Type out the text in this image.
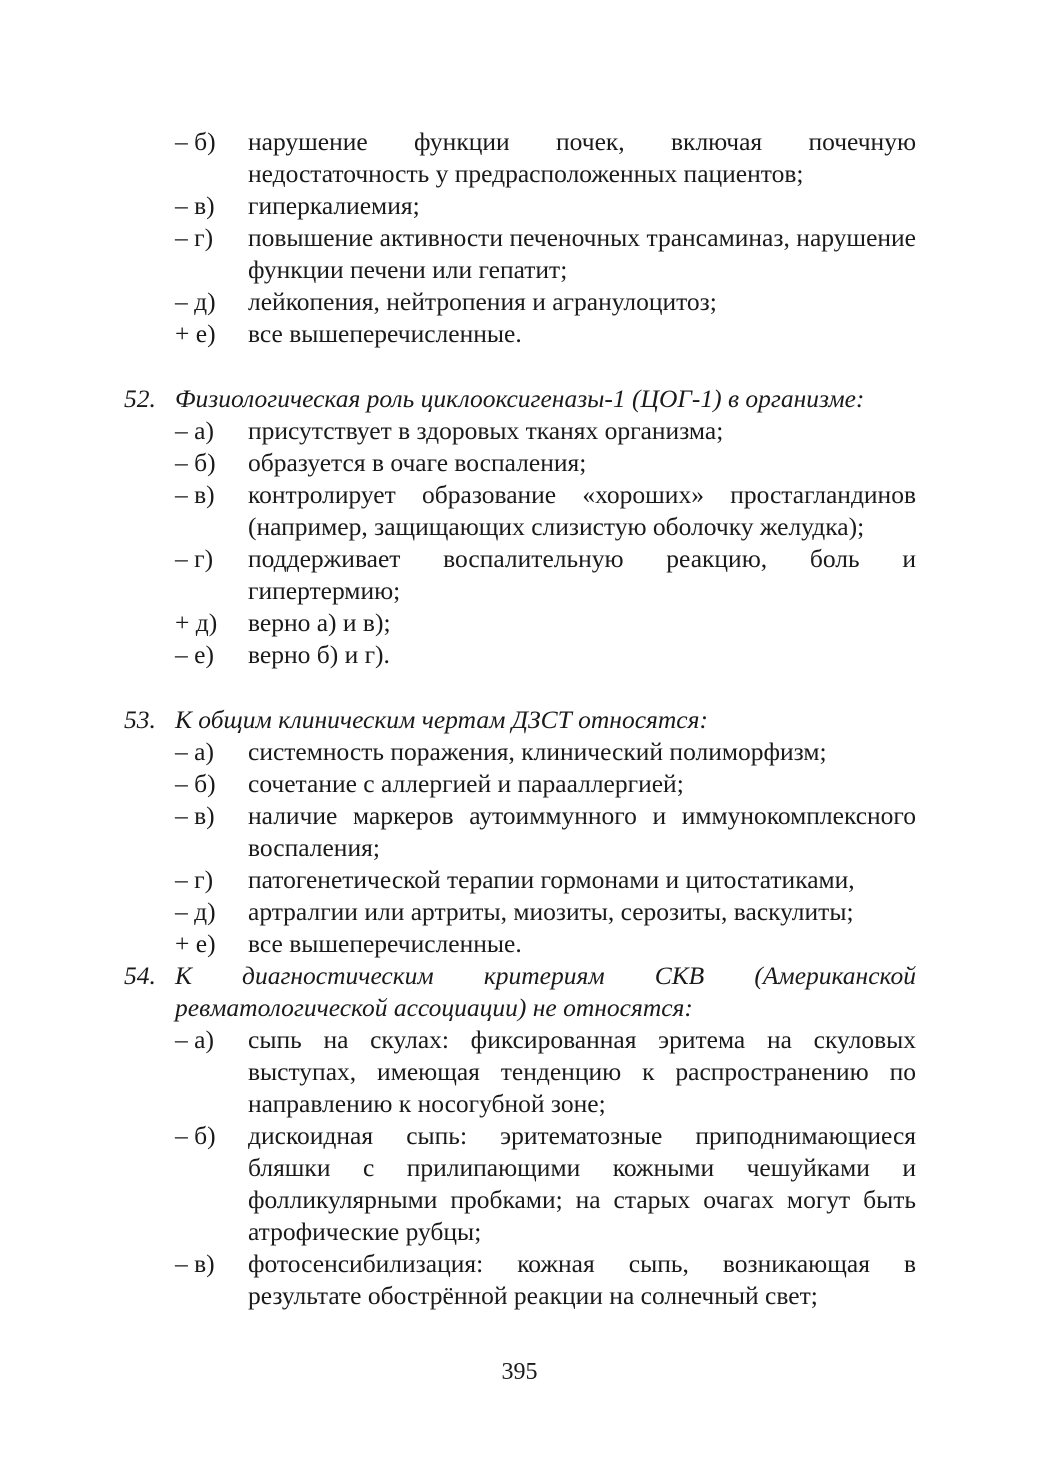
– б)	нарушение функции почек, включая почечную недостаточность у предрасположенных пациентов;
– в)	гиперкалиемия;
– г)	повышение активности печеночных трансаминаз, нарушение функции печени или гепатит;
– д)	лейкопения, нейтропения и агранулоцитоз;
+ е)	все вышеперечисленные.
52. Физиологическая роль циклооксигеназы-1 (ЦОГ-1) в организме:
– а)	присутствует в здоровых тканях организма;
– б)	образуется в очаге воспаления;
– в)	контролирует образование «хороших» простагландинов (например, защищающих слизистую оболочку желудка);
– г)	поддерживает воспалительную реакцию, боль и гипертермию;
+ д)	верно а) и в);
– е)	верно б) и г).
53. К общим клиническим чертам ДЗСТ относятся:
– а)	системность поражения, клинический полиморфизм;
– б)	сочетание с аллергией и парааллергией;
– в)	наличие маркеров аутоиммунного и иммунокомплексного воспаления;
– г)	патогенетической терапии гормонами и цитостатиками,
– д)	артралгии или артриты, миозиты, серозиты, васкулиты;
+ е)	все вышеперечисленные.
54. К диагностическим критериям СКВ (Американской ревматологической ассоциации) не относятся:
– а)	сыпь на скулах: фиксированная эритема на скуловых выступах, имеющая тенденцию к распространению по направлению к носогубной зоне;
– б)	дискоидная сыпь: эритематозные приподнимающиеся бляшки с прилипающими кожными чешуйками и фолликулярными пробками; на старых очагах могут быть атрофические рубцы;
– в)	фотосенсибилизация: кожная сыпь, возникающая в результате обострённой реакции на солнечный свет;
395
